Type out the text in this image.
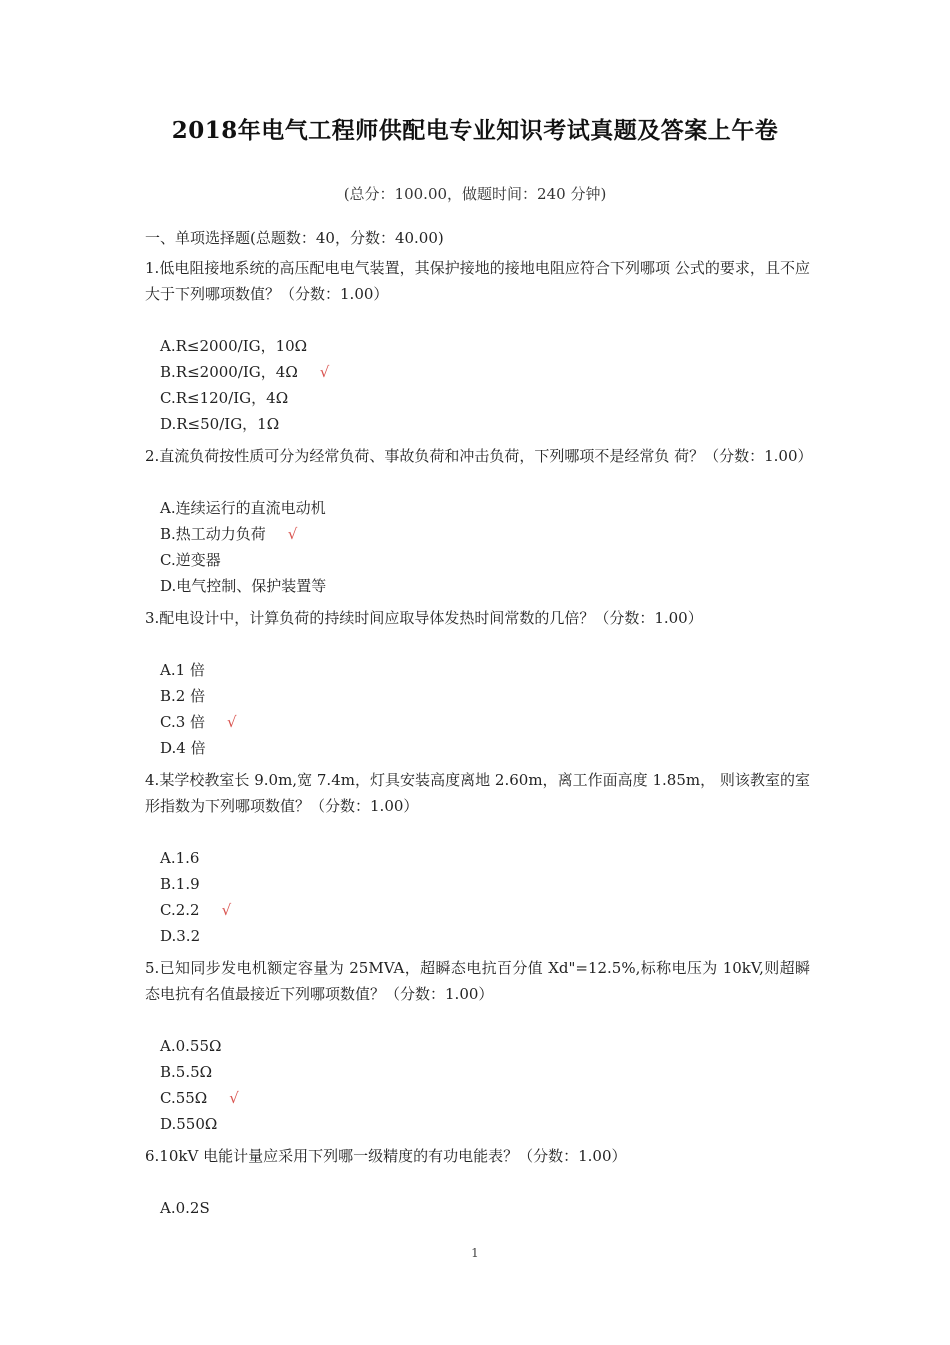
2018年电气工程师供配电专业知识考试真题及答案上午卷
(总分：100.00，做题时间：240 分钟)
一、单项选择题(总题数：40，分数：40.00)
1.低电阻接地系统的高压配电电气装置，其保护接地的接地电阻应符合下列哪项 公式的要求，且不应大于下列哪项数值？（分数：1.00）
A.R≤2000/IG，10Ω
B.R≤2000/IG，4Ω √
C.R≤120/IG，4Ω
D.R≤50/IG，1Ω
2.直流负荷按性质可分为经常负荷、事故负荷和冲击负荷，下列哪项不是经常负 荷？（分数：1.00）
A.连续运行的直流电动机
B.热工动力负荷 √
C.逆变器
D.电气控制、保护装置等
3.配电设计中，计算负荷的持续时间应取导体发热时间常数的几倍？（分数：1.00）
A.1 倍
B.2 倍
C.3 倍 √
D.4 倍
4.某学校教室长 9.0m,宽 7.4m，灯具安装高度离地 2.60m，离工作面高度 1.85m， 则该教室的室形指数为下列哪项数值？（分数：1.00）
A.1.6
B.1.9
C.2.2 √
D.3.2
5.已知同步发电机额定容量为 25MVA，超瞬态电抗百分值 Xd"=12.5%,标称电压为 10kV,则超瞬态电抗有名值最接近下列哪项数值？（分数：1.00）
A.0.55Ω
B.5.5Ω
C.55Ω √
D.550Ω
6.10kV 电能计量应采用下列哪一级精度的有功电能表？（分数：1.00）
A.0.2S
1
